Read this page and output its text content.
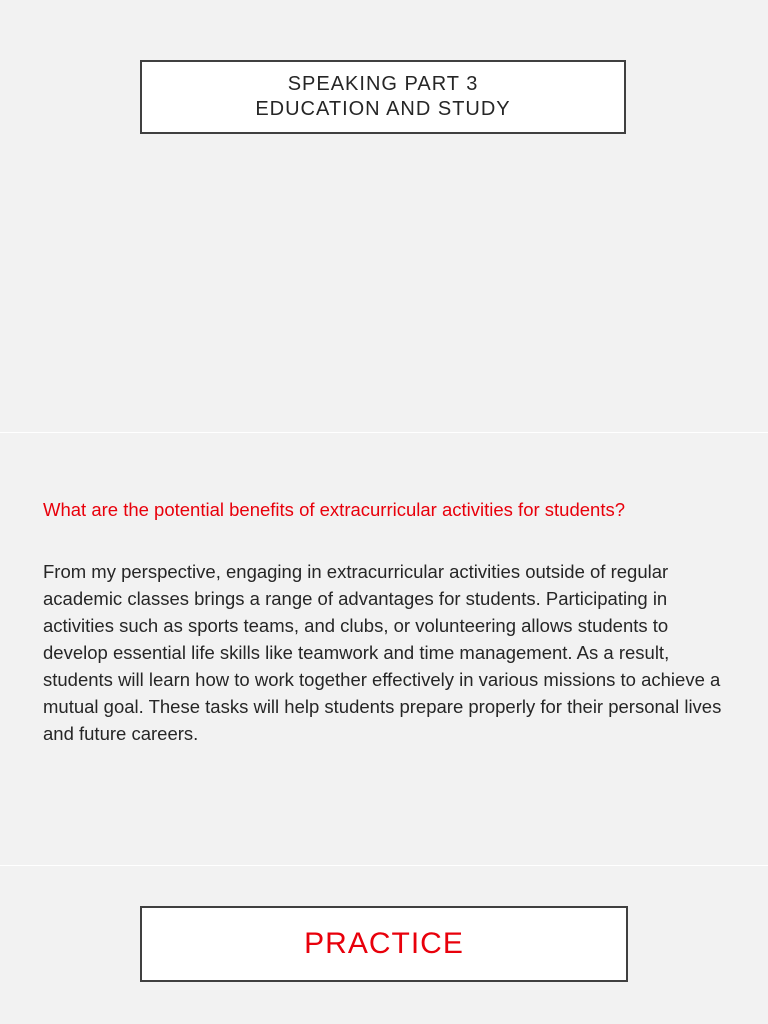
SPEAKING PART 3
EDUCATION AND STUDY
What are the potential benefits of extracurricular activities for students?
From my perspective, engaging in extracurricular activities outside of regular academic classes brings a range of advantages for students. Participating in activities such as sports teams, and clubs, or volunteering allows students to develop essential life skills like teamwork and time management. As a result, students will learn how to work together effectively in various missions to achieve a mutual goal. These tasks will help students prepare properly for their personal lives and future careers.
PRACTICE
